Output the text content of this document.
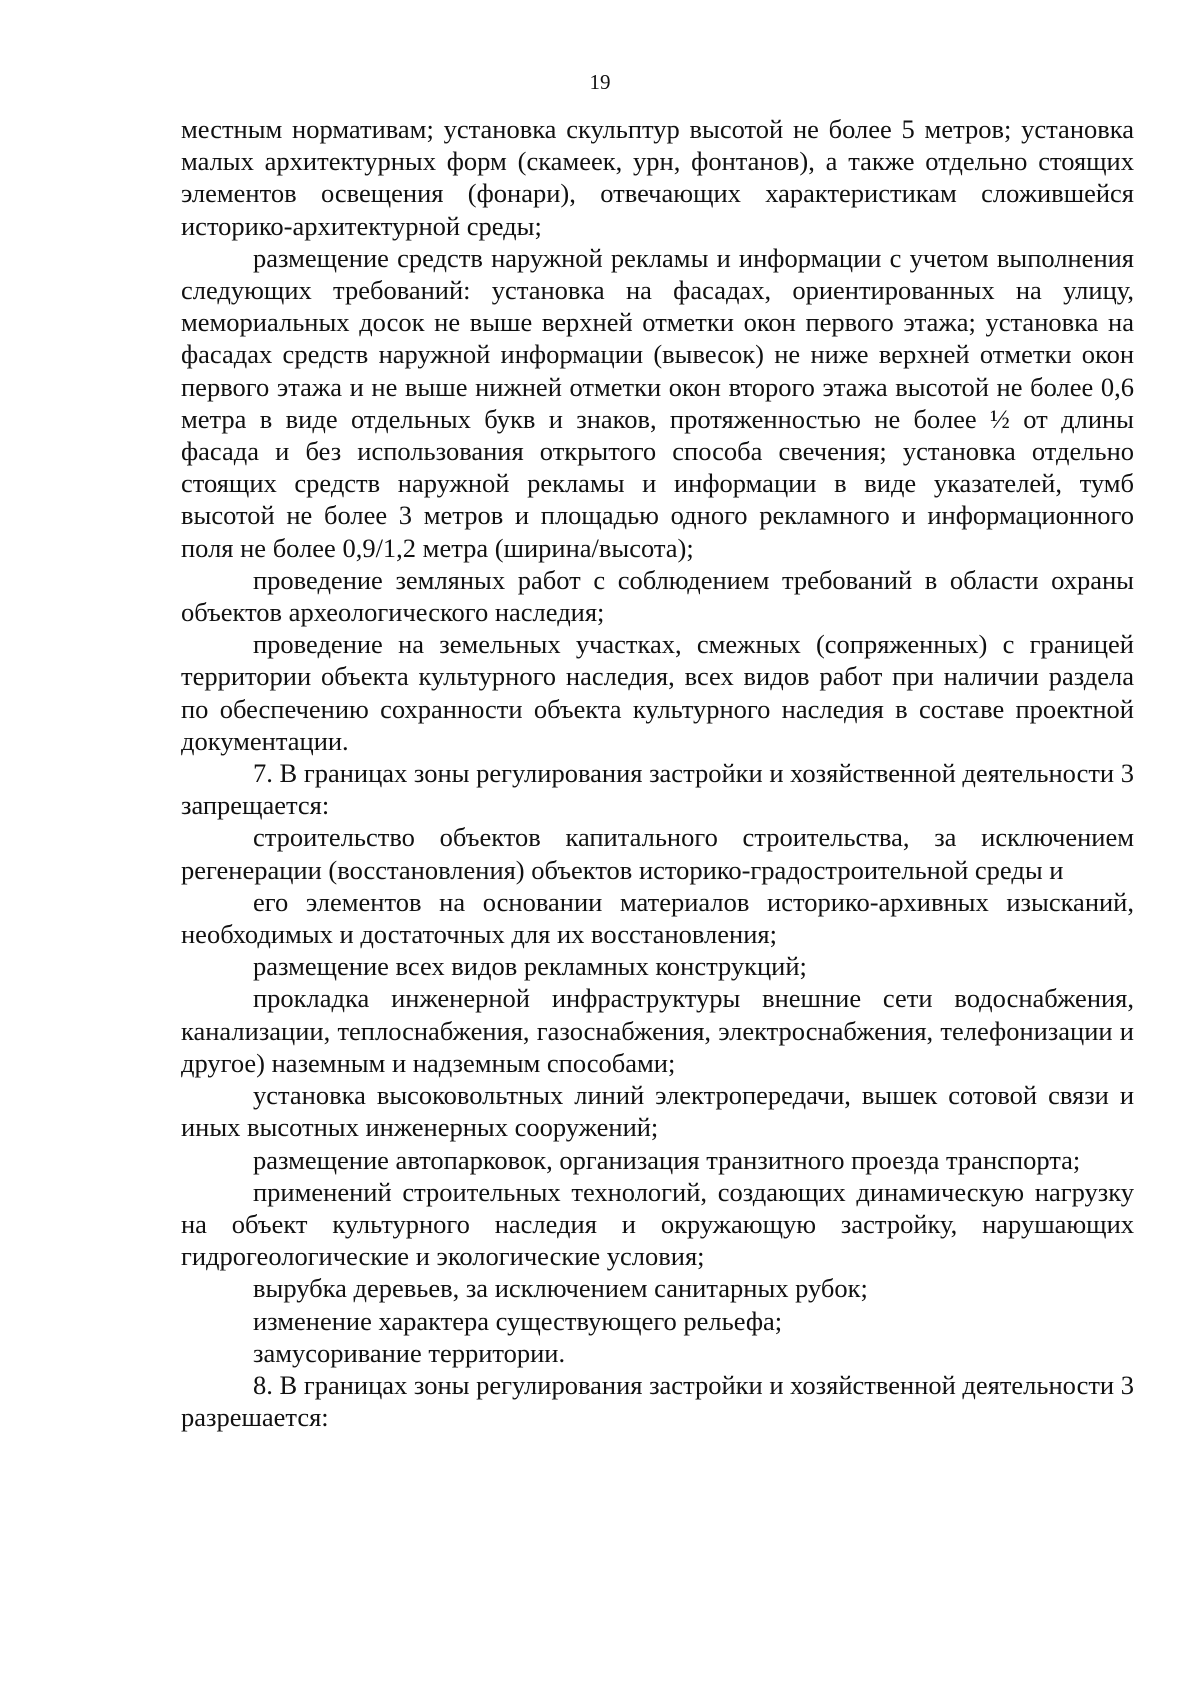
19

местным нормативам; установка скульптур высотой не более 5 метров; установка малых архитектурных форм (скамеек, урн, фонтанов), а также отдельно стоящих элементов освещения (фонари), отвечающих характеристикам сложившейся историко-архитектурной среды;

размещение средств наружной рекламы и информации с учетом выполнения следующих требований: установка на фасадах, ориентированных на улицу, мемориальных досок не выше верхней отметки окон первого этажа; установка на фасадах средств наружной информации (вывесок) не ниже верхней отметки окон первого этажа и не выше нижней отметки окон второго этажа высотой не более 0,6 метра в виде отдельных букв и знаков, протяженностью не более ½ от длины фасада и без использования открытого способа свечения; установка отдельно стоящих средств наружной рекламы и информации в виде указателей, тумб высотой не более 3 метров и площадью одного рекламного и информационного поля не более 0,9/1,2 метра (ширина/высота);

проведение земляных работ с соблюдением требований в области охраны объектов археологического наследия;

проведение на земельных участках, смежных (сопряженных) с границей территории объекта культурного наследия, всех видов работ при наличии раздела по обеспечению сохранности объекта культурного наследия в составе проектной документации.

7. В границах зоны регулирования застройки и хозяйственной деятельности 3 запрещается:

строительство объектов капитального строительства, за исключением регенерации (восстановления) объектов историко-градостроительной среды и

его элементов на основании материалов историко-архивных изысканий, необходимых и достаточных для их восстановления;

размещение всех видов рекламных конструкций;

прокладка инженерной инфраструктуры внешние сети водоснабжения, канализации, теплоснабжения, газоснабжения, электроснабжения, телефонизации и другое) наземным и надземным способами;

установка высоковольтных линий электропередачи, вышек сотовой связи и иных высотных инженерных сооружений;

размещение автопарковок, организация транзитного проезда транспорта;

применений строительных технологий, создающих динамическую нагрузку на объект культурного наследия и окружающую застройку, нарушающих гидрогеологические и экологические условия;

вырубка деревьев, за исключением санитарных рубок;

изменение характера существующего рельефа;

замусоривание территории.

8. В границах зоны регулирования застройки и хозяйственной деятельности 3 разрешается:
